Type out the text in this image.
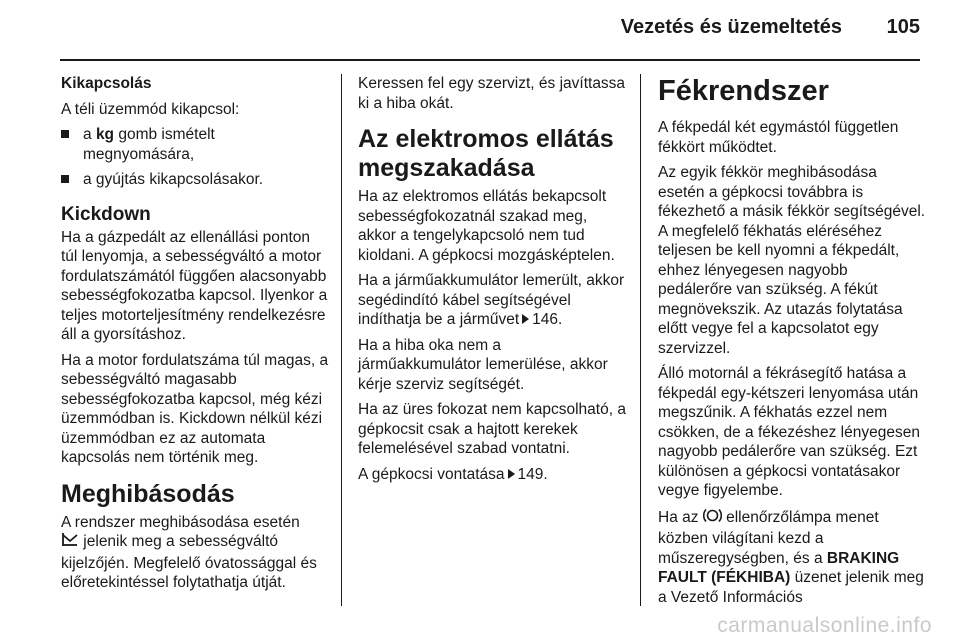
Vezetés és üzemeltetés 105

Kikapcsolás

A téli üzemmód kikapcsol:

a kg gomb ismételt megnyomására,
a gyújtás kikapcsolásakor.
Kickdown

Ha a gázpedált az ellenállási ponton túl lenyomja, a sebességváltó a motor fordulatszámától függően alacsonyabb sebességfokozatba kapcsol. Ilyenkor a teljes motorteljesítmény rendelkezésre áll a gyorsításhoz.

Ha a motor fordulatszáma túl magas, a sebességváltó magasabb sebességfokozatba kapcsol, még kézi üzemmódban is. Kickdown nélkül kézi üzemmódban ez az automata kapcsolás nem történik meg.

Meghibásodás

A rendszer meghibásodása esetén
jelenik meg a sebességváltó kijelzőjén. Megfelelő óvatossággal és előretekintéssel folytathatja útját.

Keressen fel egy szervizt, és javíttassa ki a hiba okát.

Az elektromos ellátás megszakadása

Ha az elektromos ellátás bekapcsolt sebességfokozatnál szakad meg, akkor a tengelykapcsoló nem tud kioldani. A gépkocsi mozgásképtelen.

Ha a járműakkumulátor lemerült, akkor segédindító kábel segítségével indíthatja be a járművet 146.

Ha a hiba oka nem a járműakkumulátor lemerülése, akkor kérje szerviz segítségét.

Ha az üres fokozat nem kapcsolható, a gépkocsit csak a hajtott kerekek felemelésével szabad vontatni.

A gépkocsi vontatása 149.

Fékrendszer

A fékpedál két egymástól független fékkört működtet.

Az egyik fékkör meghibásodása esetén a gépkocsi továbbra is fékezhető a másik fékkör segítségével. A megfelelő fékhatás eléréséhez teljesen be kell nyomni a fékpedált, ehhez lényegesen nagyobb pedálerőre van szükség. A fékút megnövekszik. Az utazás folytatása előtt vegye fel a kapcsolatot egy szervizzel.

Álló motornál a fékrásegítő hatása a fékpedál egy-kétszeri lenyomása után megszűnik. A fékhatás ezzel nem csökken, de a fékezéshez lényegesen nagyobb pedálerőre van szükség. Ezt különösen a gépkocsi vontatásakor vegye figyelembe.

Ha az  ellenőrzőlámpa menet közben világítani kezd a műszeregységben, és a BRAKING FAULT (FÉKHIBA) üzenet jelenik meg a Vezető Információs

carmanualsonline.info
